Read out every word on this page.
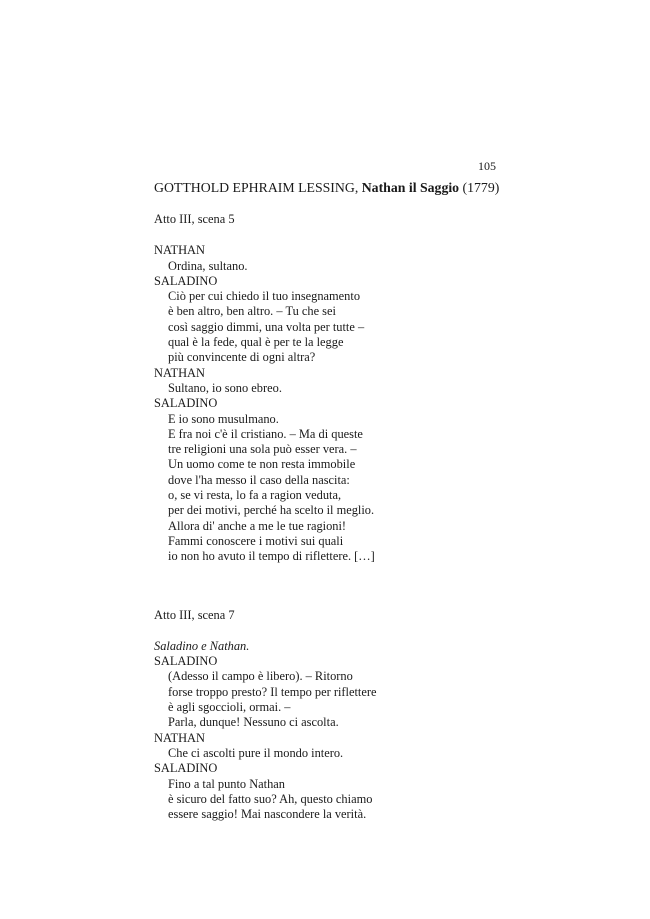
105
GOTTHOLD EPHRAIM LESSING, Nathan il Saggio (1779)
Atto III, scena 5
NATHAN
Ordina, sultano.
SALADINO
Ciò per cui chiedo il tuo insegnamento
è ben altro, ben altro. – Tu che sei
così saggio dimmi, una volta per tutte –
qual è la fede, qual è per te la legge
più convincente di ogni altra?
NATHAN
Sultano, io sono ebreo.
SALADINO
E io sono musulmano.
E fra noi c'è il cristiano. – Ma di queste
tre religioni una sola può esser vera. –
Un uomo come te non resta immobile
dove l'ha messo il caso della nascita:
o, se vi resta, lo fa a ragion veduta,
per dei motivi, perché ha scelto il meglio.
Allora di' anche a me le tue ragioni!
Fammi conoscere i motivi sui quali
io non ho avuto il tempo di riflettere. […]
Atto III, scena 7
Saladino e Nathan.
SALADINO
(Adesso il campo è libero). – Ritorno
forse troppo presto? Il tempo per riflettere
è agli sgoccioli, ormai. –
Parla, dunque! Nessuno ci ascolta.
NATHAN
Che ci ascolti pure il mondo intero.
SALADINO
Fino a tal punto Nathan
è sicuro del fatto suo? Ah, questo chiamo
essere saggio! Mai nascondere la verità.
